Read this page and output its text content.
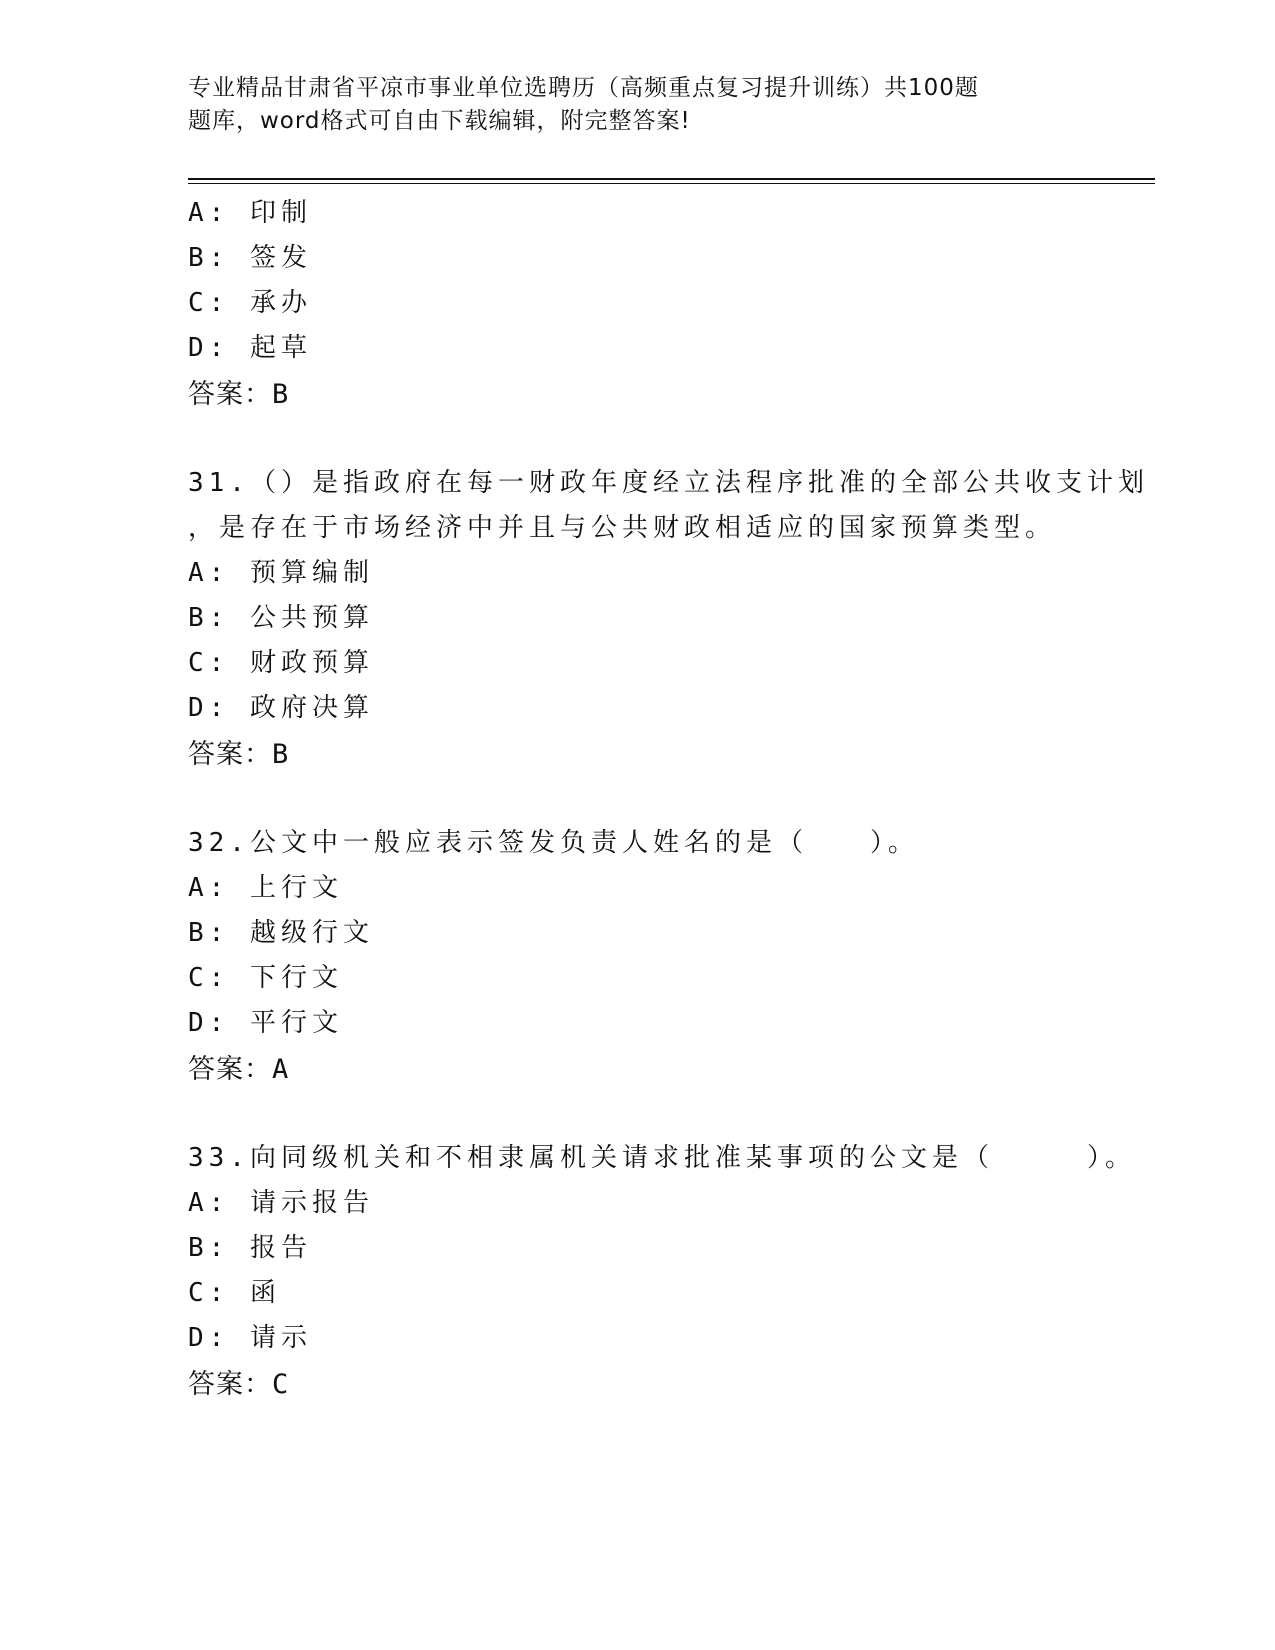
专业精品甘肃省平凉市事业单位选聘历（高频重点复习提升训练）共100题
题库，word格式可自由下载编辑，附完整答案!
A: 印制
B: 签发
C: 承办
D: 起草
答案：B
31.（）是指政府在每一财政年度经立法程序批准的全部公共收支计划
，是存在于市场经济中并且与公共财政相适应的国家预算类型。
A: 预算编制
B: 公共预算
C: 财政预算
D: 政府决算
答案：B
32.公文中一般应表示签发负责人姓名的是（　　）。
A: 上行文
B: 越级行文
C: 下行文
D: 平行文
答案：A
33.向同级机关和不相隶属机关请求批准某事项的公文是（　　　）。
A: 请示报告
B: 报告
C: 函
D: 请示
答案：C
